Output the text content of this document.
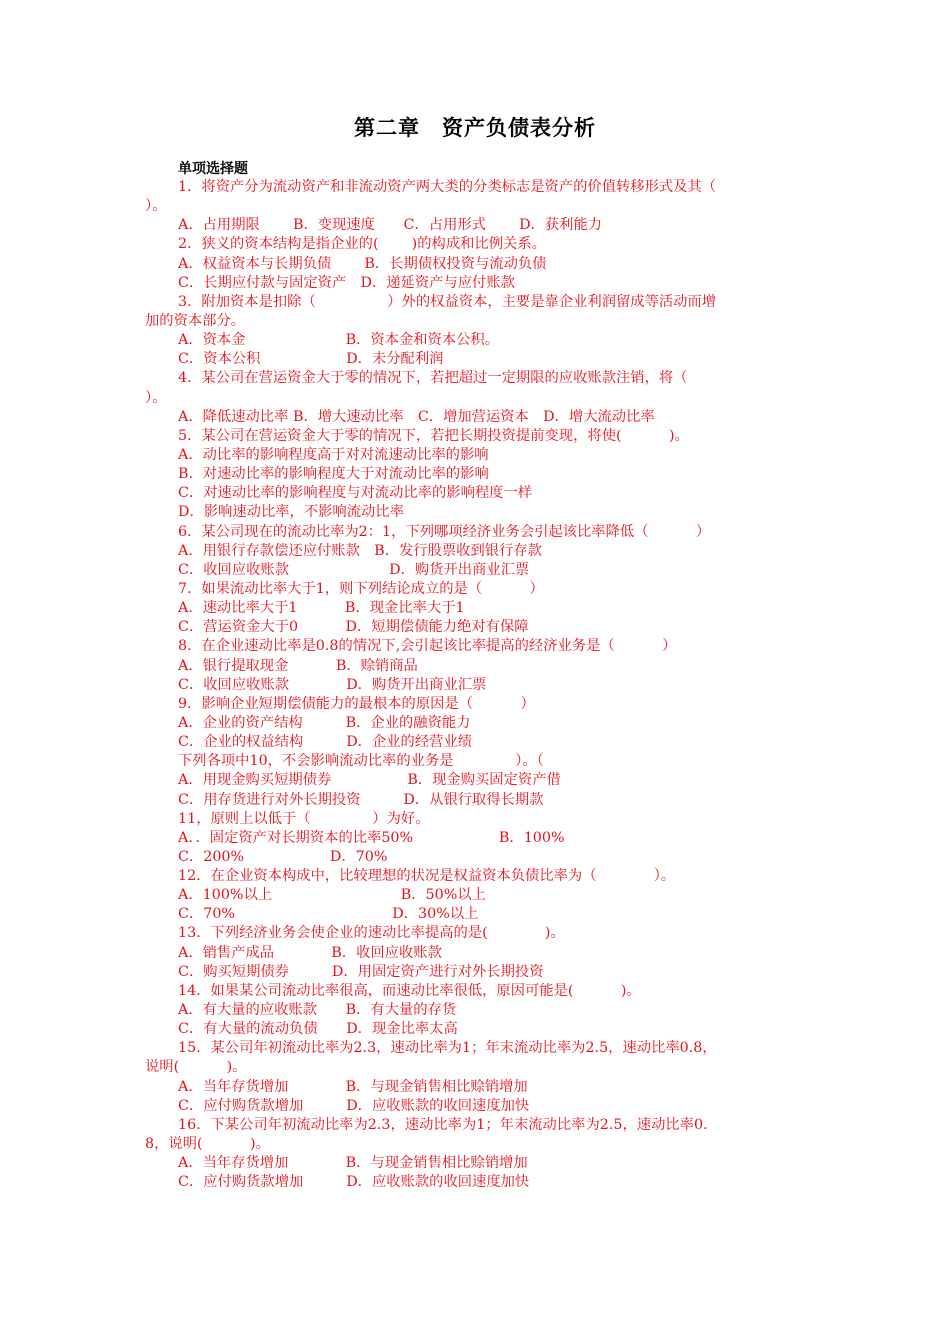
第二章　资产负债表分析
单项选择题
1．将资产分为流动资产和非流动资产两大类的分类标志是资产的价值转移形式及其（
）。
A．占用期限　　 B．变现速度　　C．占用形式　　 D．获利能力
2．狭义的资本结构是指企业的(　　 )的构成和比例关系。
A．权益资本与长期负债　　 B．长期债权投资与流动负债
C．长期应付款与固定资产　D．递延资产与应付账款
3．附加资本是扣除（　　　　　）外的权益资本，主要是靠企业利润留成等活动而增
加的资本部分。
A．资本金　　　　　　　B．资本金和资本公积。
C．资本公积　　　　　　D．未分配利润
4．某公司在营运资金大于零的情况下，若把超过一定期限的应收账款注销，将（
）。
A．降低速动比率 B．增大速动比率　C．增加营运资本　D．增大流动比率
5．某公司在营运资金大于零的情况下，若把长期投资提前变现，将使(　　　 )。
A．动比率的影响程度高于对对流速动比率的影响
B．对速动比率的影响程度大于对流动比率的影响
C．对速动比率的影响程度与对流动比率的影响程度一样
D．影响速动比率，不影响流动比率
6．某公司现在的流动比率为2：1，下列哪项经济业务会引起该比率降低（　　　 ）
A．用银行存款偿还应付账款　B．发行股票收到银行存款
C．收回应收账款　　　　　　　D．购货开出商业汇票
7．如果流动比率大于1，则下列结论成立的是（　　　 ）
A．速动比率大于1　　　 B．现金比率大于1
C．营运资金大于0　　　 D．短期偿债能力绝对有保障
8．在企业速动比率是0.8的情况下,会引起该比率提高的经济业务是（　　　 ）
A．银行提取现金　　　 B．赊销商品
C．收回应收账款　　　　D．购货开出商业汇票
9．影响企业短期偿债能力的最根本的原因是（　　　 ）
A．企业的资产结构　　　B．企业的融资能力
C．企业的权益结构　　　D．企业的经营业绩
下列各项中10，不会影响流动比率的业务是　　　　 ）。（
A．用现金购买短期债券　　　　　 B．现金购买固定资产借
C．用存货进行对外长期投资　　　D．从银行取得长期款
11，原则上以低于（　　　　 ）为好。
A．．固定资产对长期资本的比率50%　　　　　　B．100%
C．200%　　　　　　D．70%
12．在企业资本构成中，比较理想的状况是权益资本负债比率为（　　　　）。
A．100%以上　　　　　　　　　B．50%以上
C．70%　　　　　　　　　　　D．30%以上
13．下列经济业务会使企业的速动比率提高的是(　　　　)。
A．销售产成品　　　　B．收回应收账款
C．购买短期债券　　　D．用固定资产进行对外长期投资
14．如果某公司流动比率很高，而速动比率很低，原因可能是(　　　 )。
A．有大量的应收账款　　B．有大量的存货
C．有大量的流动负债　　D．现金比率太高
15．某公司年初流动比率为2.3，速动比率为1；年末流动比率为2.5，速动比率0.8，
说明(　　　 )。
A．当年存货增加　　　　B．与现金销售相比赊销增加
C．应付购货款增加　　　D．应收账款的收回速度加快
16．下某公司年初流动比率为2.3，速动比率为1；年末流动比率为2.5，速动比率0.
8，说明(　　　 )。
A．当年存货增加　　　　B．与现金销售相比赊销增加
C．应付购货款增加　　　D．应收账款的收回速度加快
